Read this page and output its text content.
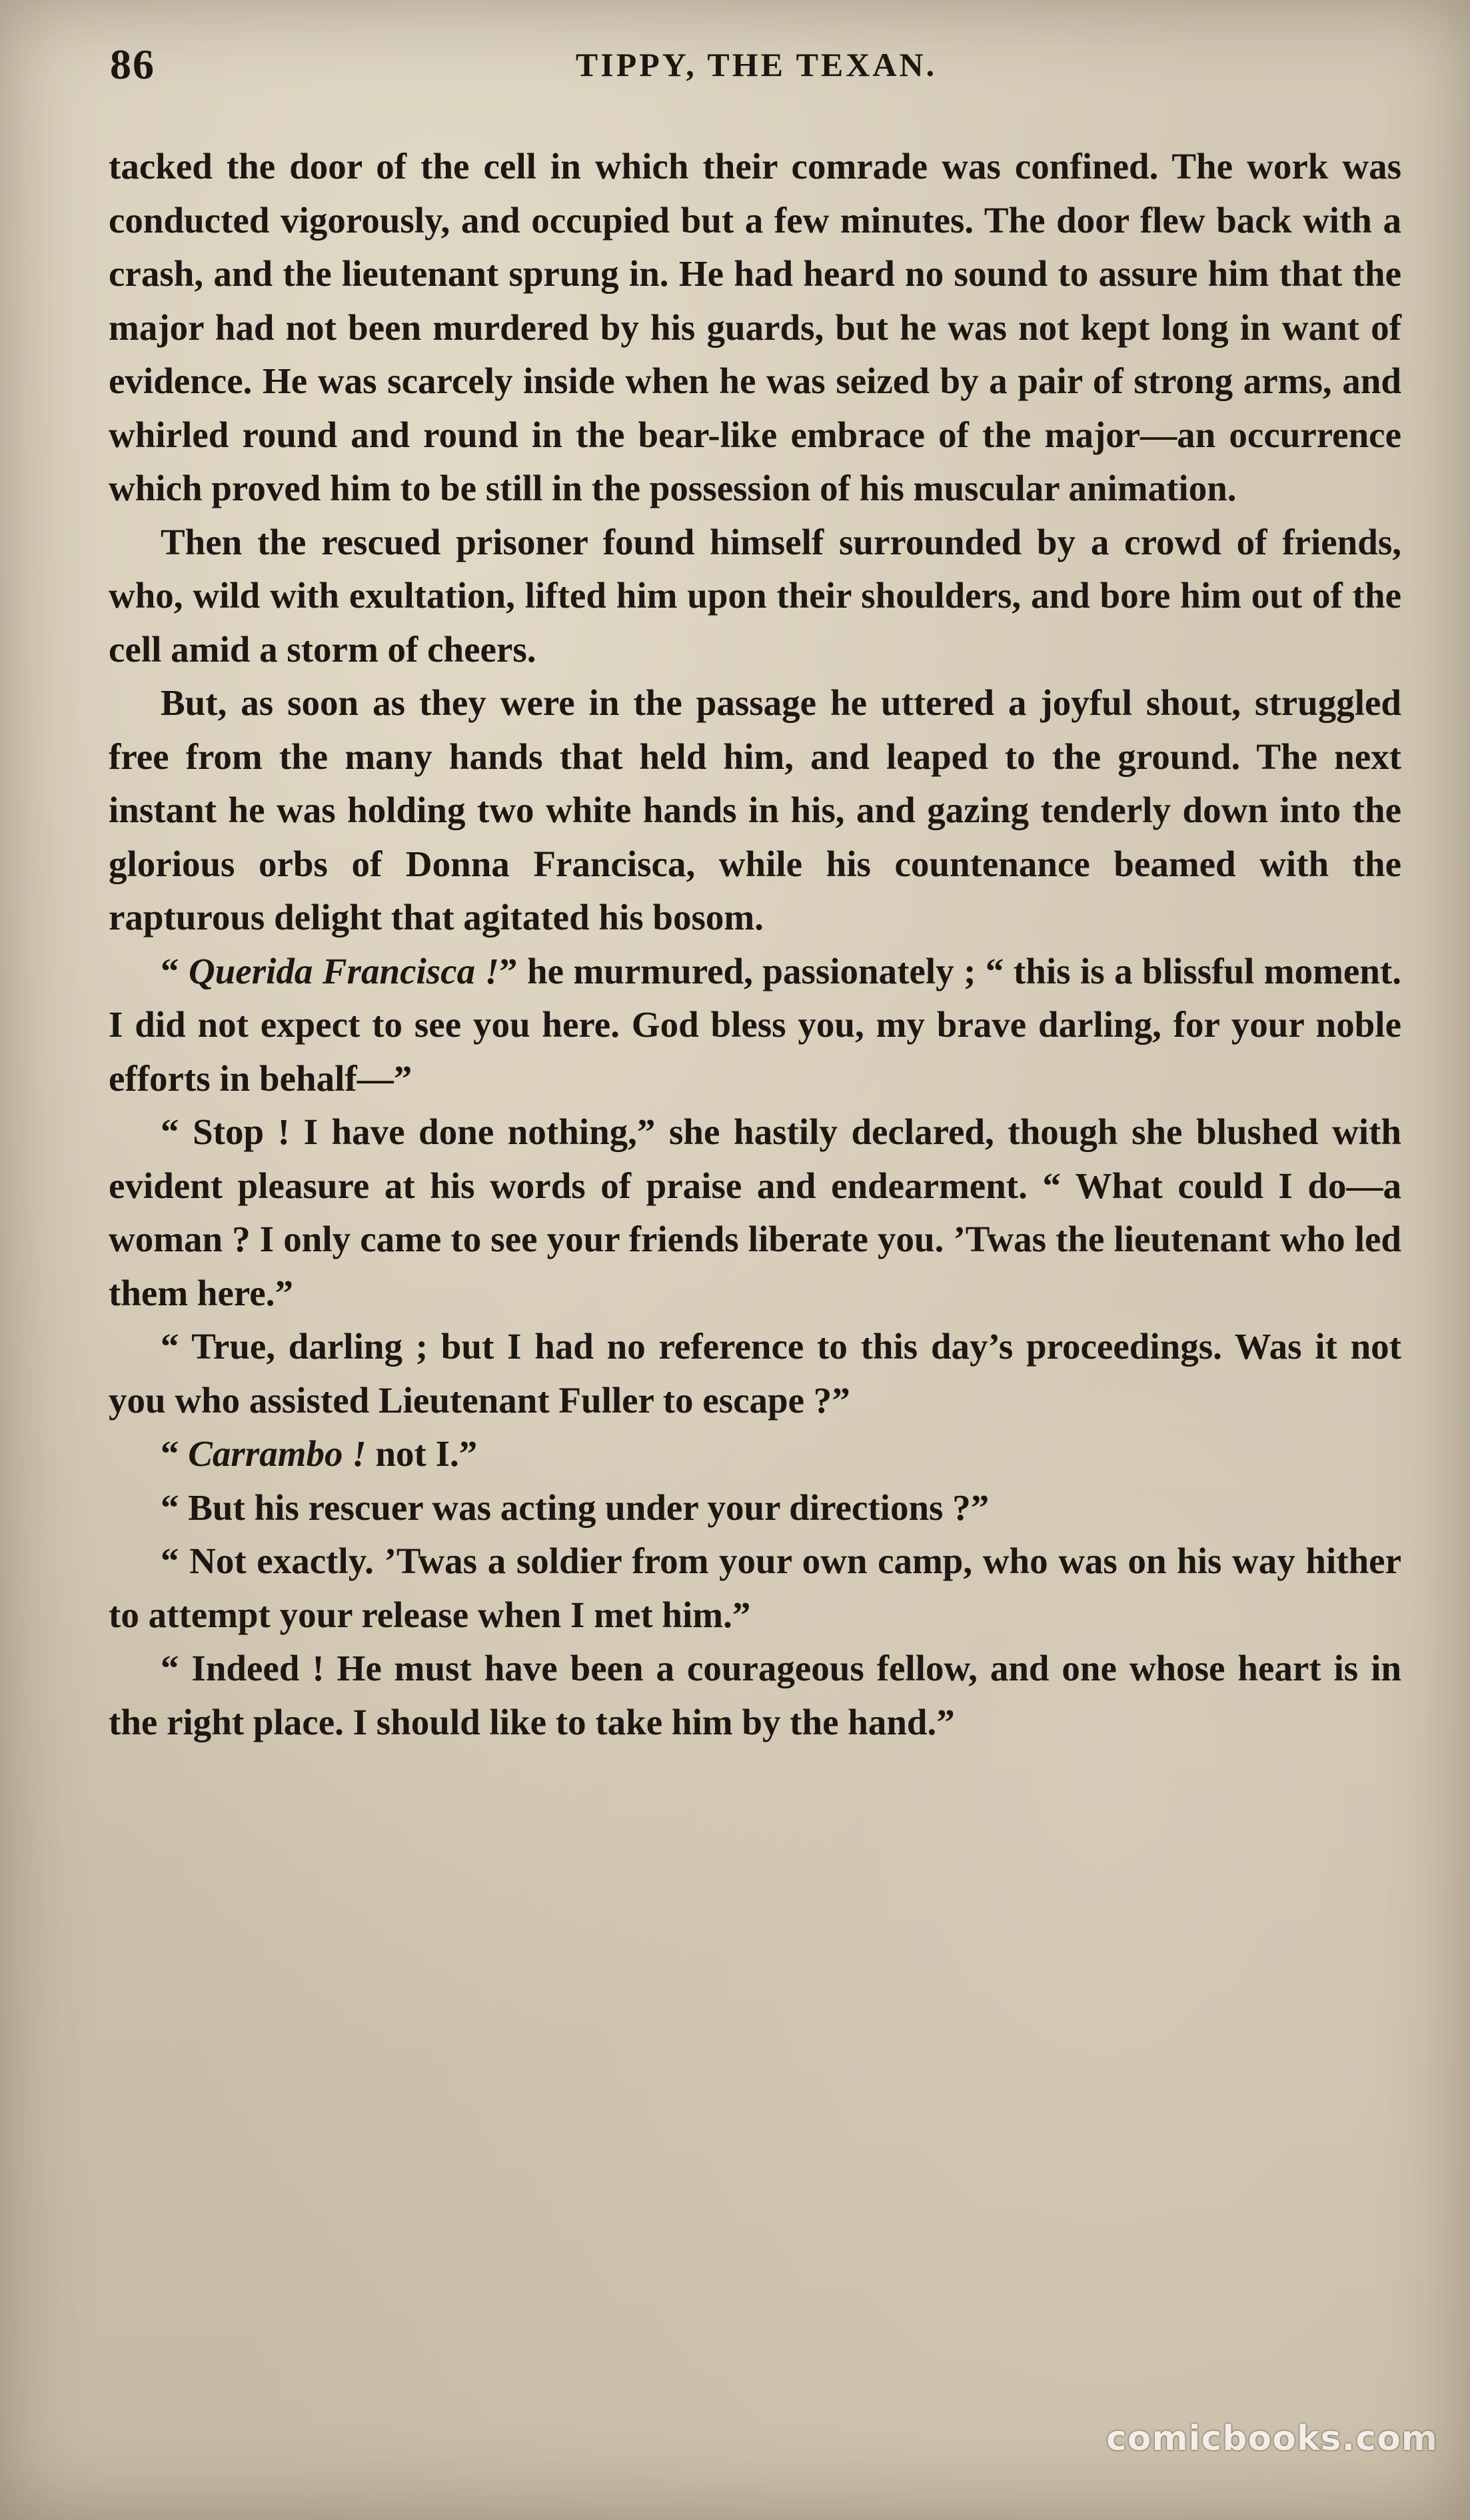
86	TIPPY, THE TEXAN.

tacked the door of the cell in which their comrade was confined. The work was conducted vigorously, and occupied but a few minutes. The door flew back with a crash, and the lieutenant sprung in. He had heard no sound to assure him that the major had not been murdered by his guards, but he was not kept long in want of evidence. He was scarcely inside when he was seized by a pair of strong arms, and whirled round and round in the bear-like embrace of the major—an occurrence which proved him to be still in the possession of his muscular animation.

Then the rescued prisoner found himself surrounded by a crowd of friends, who, wild with exultation, lifted him upon their shoulders, and bore him out of the cell amid a storm of cheers.

But, as soon as they were in the passage he uttered a joyful shout, struggled free from the many hands that held him, and leaped to the ground. The next instant he was holding two white hands in his, and gazing tenderly down into the glorious orbs of Donna Francisca, while his countenance beamed with the rapturous delight that agitated his bosom.

“ Querida Francisca !” he murmured, passionately ; “ this is a blissful moment. I did not expect to see you here. God bless you, my brave darling, for your noble efforts in behalf—”

“ Stop ! I have done nothing,” she hastily declared, though she blushed with evident pleasure at his words of praise and endearment. “ What could I do—a woman ? I only came to see your friends liberate you. ’Twas the lieutenant who led them here.”

“ True, darling ; but I had no reference to this day’s proceedings. Was it not you who assisted Lieutenant Fuller to escape ?”

“ Carrambo ! not I.”

“ But his rescuer was acting under your directions ?”

“ Not exactly. ’Twas a soldier from your own camp, who was on his way hither to attempt your release when I met him.”

“ Indeed ! He must have been a courageous fellow, and one whose heart is in the right place. I should like to take him by the hand.”

comicbooks.com
